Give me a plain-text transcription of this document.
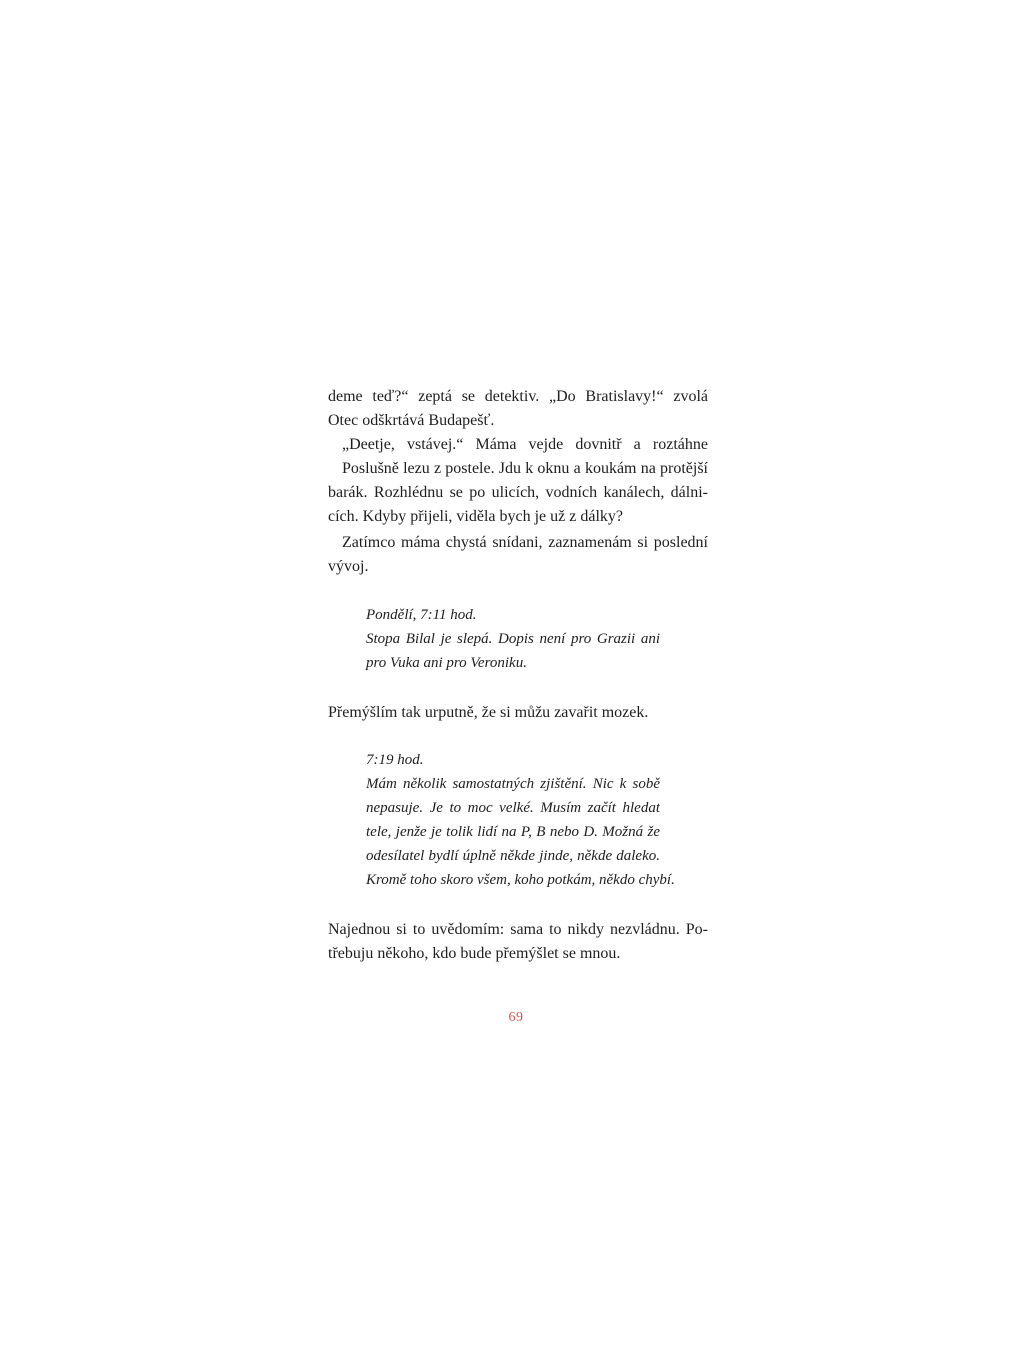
deme teď?“ zeptá se detektiv. „Do Bratislavy!“ zvolá
Otec odškrtává Budapešť.
„Deetje, vstávej.“ Máma vejde dovnitř a roztáhne
Poslušně lezu z postele. Jdu k oknu a koukám na protější
barák. Rozhlédnu se po ulicích, vodních kanálech, dálni-
cích. Kdyby přijeli, viděla bych je už z dálky?
Zatímco máma chystá snídani, zaznamenám si poslední
vývoj.
Pondělí, 7:11 hod.
Stopa Bilal je slepá. Dopis není pro Grazii ani
pro Vuka ani pro Veroniku.
Přemýšlím tak urputně, že si můžu zavařit mozek.
7:19 hod.
Mám několik samostatných zjištění. Nic k sobě
nepasuje. Je to moc velké. Musím začít hledat
tele, jenže je tolik lidí na P, B nebo D. Možná že
odesílatel bydlí úplně někde jinde, někde daleko.
Kromě toho skoro všem, koho potkám, někdo chybí.
Najednou si to uvědomím: sama to nikdy nezvládnu. Po-
třebuju někoho, kdo bude přemýšlet se mnou.
69
